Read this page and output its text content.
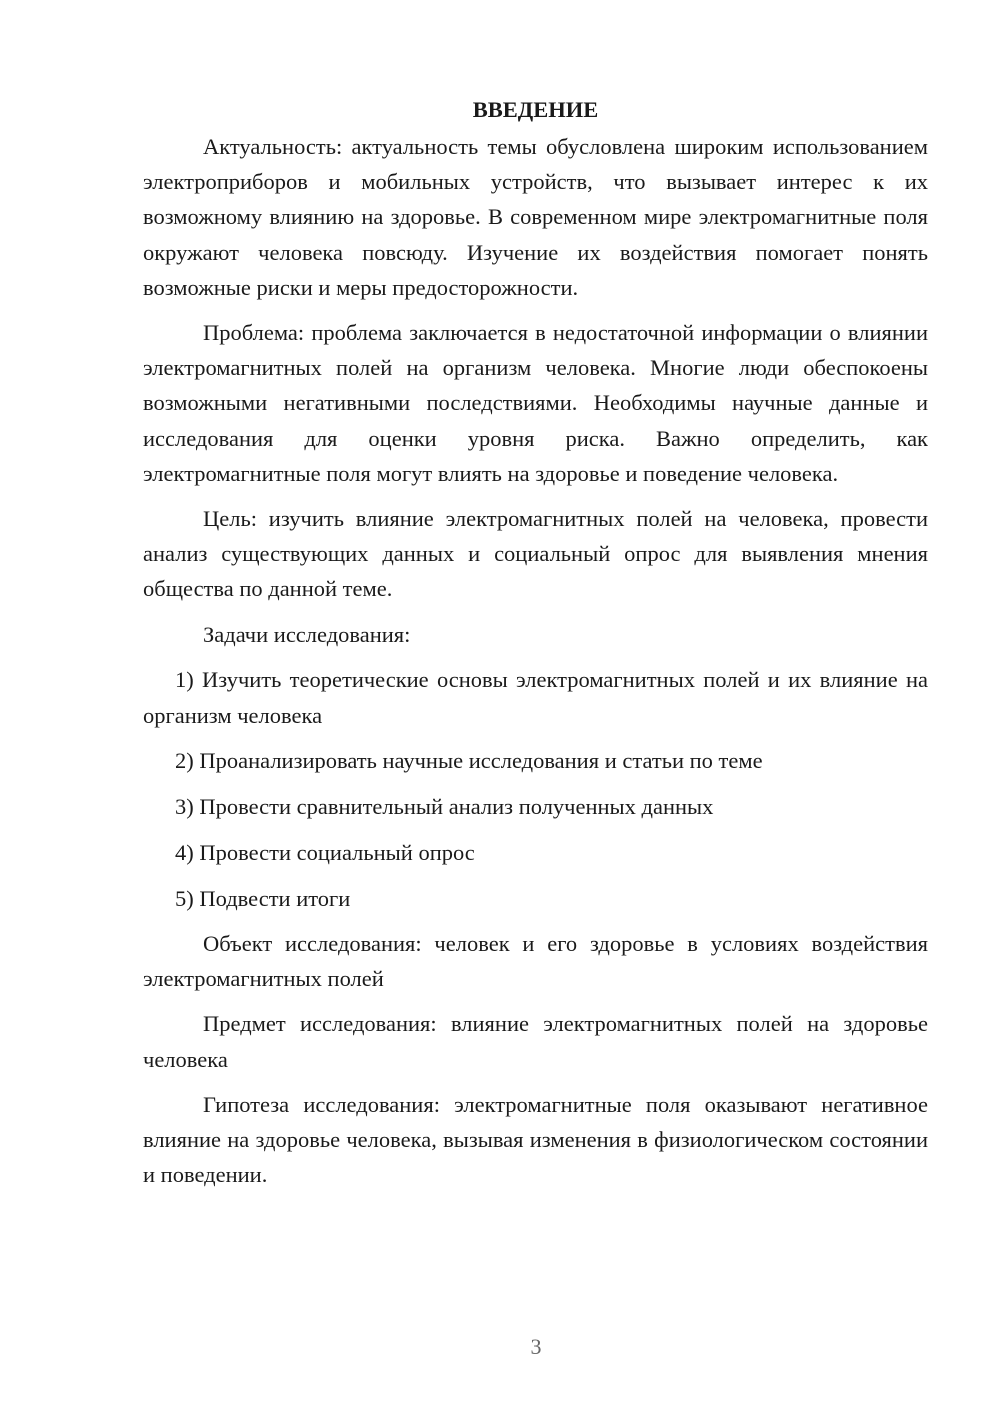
ВВЕДЕНИЕ

Актуальность: актуальность темы обусловлена широким использованием электроприборов и мобильных устройств, что вызывает интерес к их возможному влиянию на здоровье. В современном мире электромагнитные поля окружают человека повсюду. Изучение их воздействия помогает понять возможные риски и меры предосторожности.

Проблема: проблема заключается в недостаточной информации о влиянии электромагнитных полей на организм человека. Многие люди обеспокоены возможными негативными последствиями. Необходимы научные данные и исследования для оценки уровня риска. Важно определить, как электромагнитные поля могут влиять на здоровье и поведение человека.

Цель: изучить влияние электромагнитных полей на человека, провести анализ существующих данных и социальный опрос для выявления мнения общества по данной теме.

Задачи исследования:

1) Изучить теоретические основы электромагнитных полей и их влияние на организм человека

2) Проанализировать научные исследования и статьи по теме

3) Провести сравнительный анализ полученных данных

4) Провести социальный опрос

5) Подвести итоги

Объект исследования: человек и его здоровье в условиях воздействия электромагнитных полей

Предмет исследования: влияние электромагнитных полей на здоровье человека

Гипотеза исследования: электромагнитные поля оказывают негативное влияние на здоровье человека, вызывая изменения в физиологическом состоянии и поведении.

3
